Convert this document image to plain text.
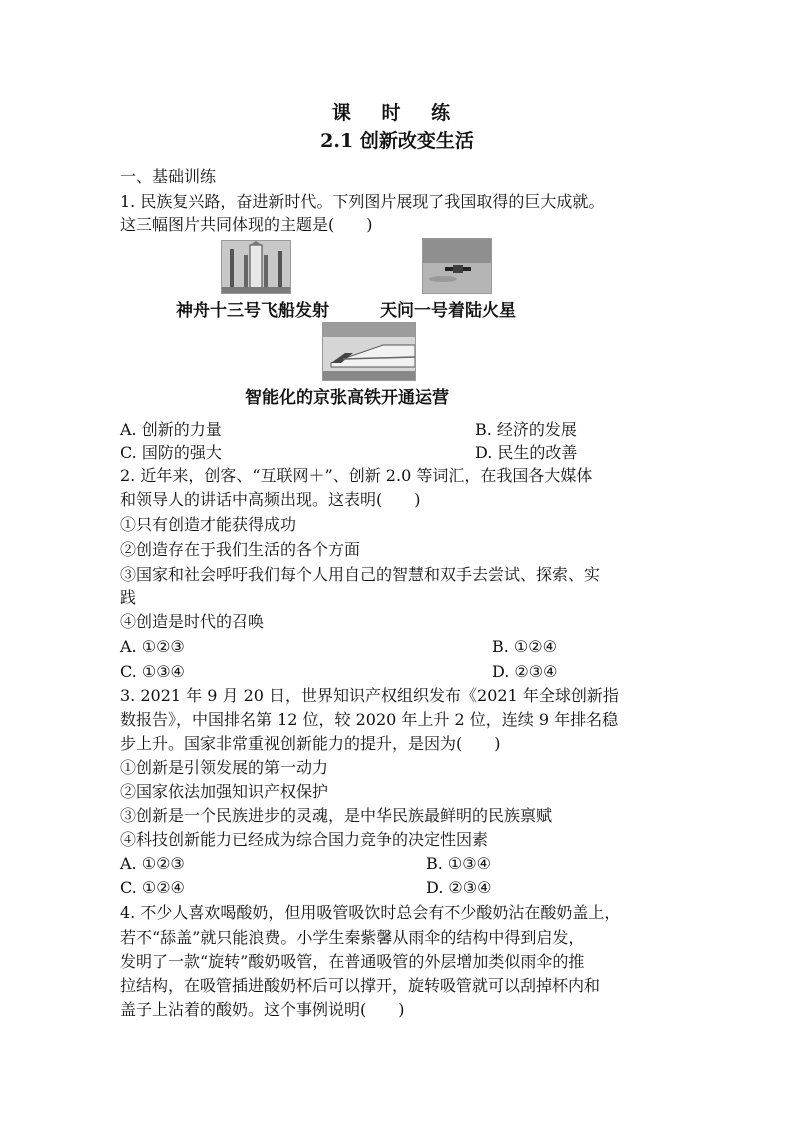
课 时 练
2.1 创新改变生活
一、基础训练
1. 民族复兴路，奋进新时代。下列图片展现了我国取得的巨大成就。
这三幅图片共同体现的主题是(　　)
神舟十三号飞船发射	天问一号着陆火星
智能化的京张高铁开通运营
A. 创新的力量	B. 经济的发展
C. 国防的强大	D. 民生的改善
2. 近年来，创客、“互联网＋”、创新 2.0 等词汇，在我国各大媒体
和领导人的讲话中高频出现。这表明(　　)
①只有创造才能获得成功
②创造存在于我们生活的各个方面
③国家和社会呼吁我们每个人用自己的智慧和双手去尝试、探索、实
践
④创造是时代的召唤
A. ①②③	B. ①②④
C. ①③④	D. ②③④
3. 2021 年 9 月 20 日，世界知识产权组织发布《2021 年全球创新指
数报告》，中国排名第 12 位，较 2020 年上升 2 位，连续 9 年排名稳
步上升。国家非常重视创新能力的提升，是因为(　　)
①创新是引领发展的第一动力
②国家依法加强知识产权保护
③创新是一个民族进步的灵魂，是中华民族最鲜明的民族禀赋
④科技创新能力已经成为综合国力竞争的决定性因素
A. ①②③	B. ①③④
C. ①②④	D. ②③④
4. 不少人喜欢喝酸奶，但用吸管吸饮时总会有不少酸奶沾在酸奶盖上，
若不“舔盖”就只能浪费。小学生秦紫馨从雨伞的结构中得到启发，
发明了一款“旋转”酸奶吸管，在普通吸管的外层增加类似雨伞的推
拉结构，在吸管插进酸奶杯后可以撑开，旋转吸管就可以刮掉杯内和
盖子上沾着的酸奶。这个事例说明(　　)
